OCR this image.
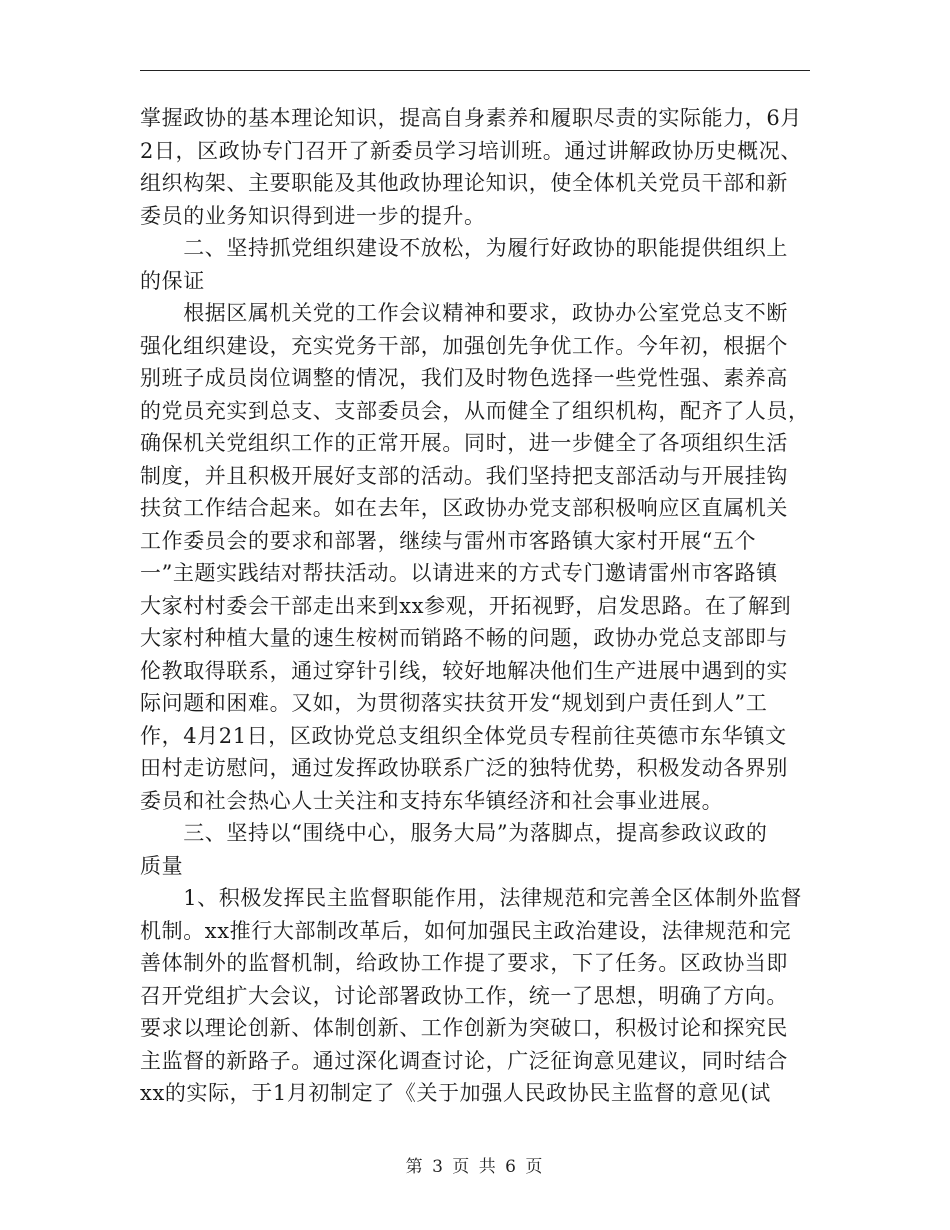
掌握政协的基本理论知识，提高自身素养和履职尽责的实际能力，6月
2日，区政协专门召开了新委员学习培训班。通过讲解政协历史概况、
组织构架、主要职能及其他政协理论知识，使全体机关党员干部和新
委员的业务知识得到进一步的提升。
　　二、坚持抓党组织建设不放松，为履行好政协的职能提供组织上
的保证
　　根据区属机关党的工作会议精神和要求，政协办公室党总支不断
强化组织建设，充实党务干部，加强创先争优工作。今年初，根据个
别班子成员岗位调整的情况，我们及时物色选择一些党性强、素养高
的党员充实到总支、支部委员会，从而健全了组织机构，配齐了人员，
确保机关党组织工作的正常开展。同时，进一步健全了各项组织生活
制度，并且积极开展好支部的活动。我们坚持把支部活动与开展挂钩
扶贫工作结合起来。如在去年，区政协办党支部积极响应区直属机关
工作委员会的要求和部署，继续与雷州市客路镇大家村开展“五个
一”主题实践结对帮扶活动。以请进来的方式专门邀请雷州市客路镇
大家村村委会干部走出来到xx参观，开拓视野，启发思路。在了解到
大家村种植大量的速生桉树而销路不畅的问题，政协办党总支部即与
伦教取得联系，通过穿针引线，较好地解决他们生产进展中遇到的实
际问题和困难。又如，为贯彻落实扶贫开发“规划到户责任到人”工
作，4月21日，区政协党总支组织全体党员专程前往英德市东华镇文
田村走访慰问，通过发挥政协联系广泛的独特优势，积极发动各界别
委员和社会热心人士关注和支持东华镇经济和社会事业进展。
　　三、坚持以“围绕中心，服务大局”为落脚点，提高参政议政的
质量
　　1、积极发挥民主监督职能作用，法律规范和完善全区体制外监督
机制。xx推行大部制改革后，如何加强民主政治建设，法律规范和完
善体制外的监督机制，给政协工作提了要求，下了任务。区政协当即
召开党组扩大会议，讨论部署政协工作，统一了思想，明确了方向。
要求以理论创新、体制创新、工作创新为突破口，积极讨论和探究民
主监督的新路子。通过深化调查讨论，广泛征询意见建议，同时结合
xx的实际，于1月初制定了《关于加强人民政协民主监督的意见(试
第 3 页 共 6 页
